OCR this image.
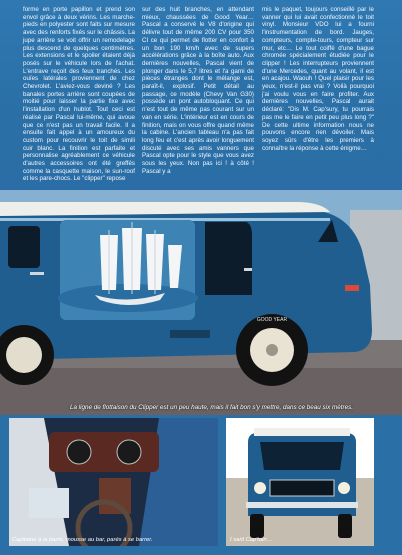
forme en porte papillon et prend son envol grâce à deux vérins. Les marche-pieds en polyester sont faits sur mesure avec des renforts fixés sur le châssis. La jupe arrière se voit offrir un remodelage plus descend de quelques centimètres. Les extensions et le spoiler étaient déjà posés sur le véhicule lors de l'achat. L'entrave reçoit des feux tranchés. Les ouïes latérales proviennent de chez Chevrolet. L'aviez-vous deviné ? Les banales portes arrière sont coupées de moitié pour laisser la partie fixe avec l'installation d'un hublot. Tout ceci est réalisé par Pascal lui-même, qui avoue que ce n'est pas un travail facile. Il a ensuite fait appel à un amoureux du custom pour recouvrir le toit de simili cuir blanc. La finition est parfaite et personnalise agréablement ce véhicule d'autres accessoires ont été greffés comme la casquette maison, le sun-roof et les pare-chocs. Le "clipper" repose

sur des huit branches, en attendant mieux, chaussées de Good Year… Pascal a conservé le V8 d'origine qui délivre tout de même 200 CV pour 350 CI ce qui permet de flotter en confort à un bon 190 km/h avec de supers accélérations grâce à la boîte auto. Aux dernières nouvelles, Pascal vient de plonger dans le 5,7 litres et l'a garni de pièces étranges dont le mélange est, paraît-il, explosif. Petit détail au passage, ce modèle (Chevy Van G30) possède un pont autobloquant. Ce qui n'est tout de même pas courant sur un van en série. L'intérieur est en cours de finition, mais on vous offre quand même la cabine. L'ancien tableau n'a pas fait long feu et c'est après avoir longuement discuté avec ses amis vanners que Pascal opte pour le style que vous avez sous les yeux. Non pas ici ! à côté ! Pascal y a

mis le paquet, toujours conseillé par le vanner qui lui avait confectionné le toit vinyl. Monsieur VDO lui a fourni l'instrumentation de bord. Jauges, compteurs, compte-tours, compteur sur mur, etc… Le tout coiffé d'une bague chromée spécialement étudiée pour le clipper ! Les interrupteurs proviennent d'une Mercedes, quant au volant, il est en acajou. Waouh ! Quel plaisir pour les yeux, n'est-il pas vrai ? Voilà pourquoi j'ai voulu vous en faire profiter. Aux dernières nouvelles, Pascal aurait déclaré: "Dis M. Cap'sury, tu pourrais pas me le faire en petit peu plus long ?" De cette ultime information nous ne pouvons encore rien dévoiler. Mais soyez sûrs d'être les premiers à connaître la réponse à cette énigme…

GOOD YEAR
La ligne de flottaison du Clipper est un peu haute, mais il fait bon s'y mettre, dans ce beau six mètres.
Capitaine à la barre, mousse au bar, parés à se barrer.	I said Cap'tain…
